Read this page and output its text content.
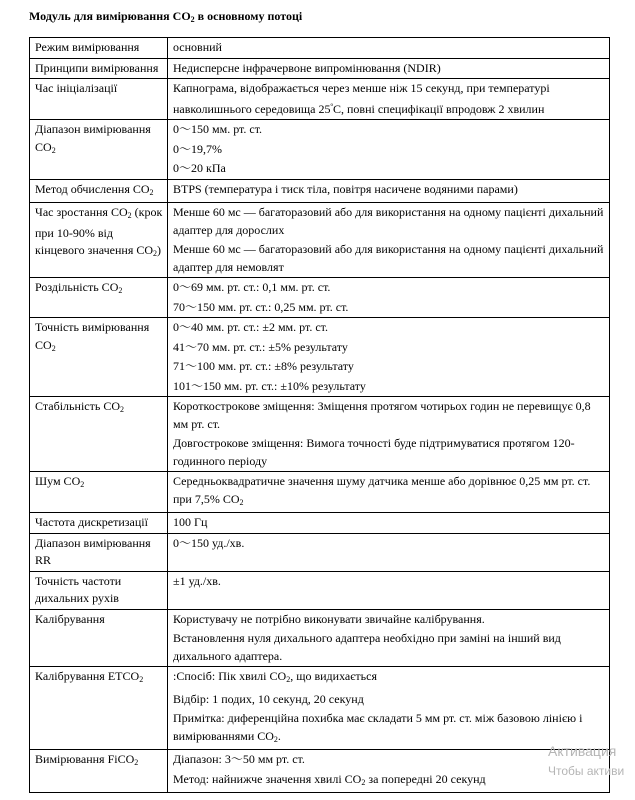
Модуль для вимірювання $CO_2$ в основному потоці
Режим вимірювання	основний

Принципи вимірювання	Недисперсне інфрачервоне випромінювання (NDIR)

Час ініціалізації	Капнограма, відображається через менше ніж 15 секунд, при температурі навколишнього середовища $25^ºC$, повні специфікації впродовж 2 хвилин

Діапазон вимірювання $CO_2$	0～150 мм. рт. ст.
0～19,7%
0～20 кПа

Метод обчислення $CO_2$	BTPS (температура і тиск тіла, повітря насичене водяними парами)

Час зростання $CO_2$ (крок при 10-90% від кінцевого значення $CO_2$)	Менше 60 мс — багаторазовий або для використання на одному пацієнті дихальний адаптер для дорослих
Менше 60 мс — багаторазовий або для використання на одному пацієнті дихальний адаптер для немовлят

Роздільність $CO_2$	0～69 мм. рт. ст.: 0,1 мм. рт. ст.
70～150 мм. рт. ст.: 0,25 мм. рт. ст.

Точність вимірювання $CO_2$	0～40 мм. рт. ст.: ±2 мм. рт. ст.
41～70 мм. рт. ст.: ±5% результату
71～100 мм. рт. ст.: ±8% результату
101～150 мм. рт. ст.: ±10% результату

Стабільність $CO_2$	Короткострокове зміщення: Зміщення протягом чотирьох годин не перевищує 0,8 мм рт. ст.
Довгострокове зміщення: Вимога точності буде підтримуватися протягом 120-годинного періоду

Шум $CO_2$	Середньоквадратичне значення шуму датчика менше або дорівнює 0,25 мм рт. ст. при 7,5% $CO_2$

Частота дискретизації	100 Гц

Діапазон вимірювання RR	0～150 уд./хв.

Точність частоти дихальних рухів	±1 уд./хв.

Калібрування	Користувачу не потрібно виконувати звичайне калібрування.
Встановлення нуля дихального адаптера необхідно при заміні на інший вид дихального адаптера.

Калібрування $ETCO_2$	:Спосіб: Пік хвилі $CO_2$, що видихається
Відбір: 1 подих, 10 секунд, 20 секунд
Примітка: диференційна похибка має складати 5 мм рт. ст. між базовою лінією і вимірюваннями $CO_2$.

Вимірювання FiCO$_2$	Діапазон: 3～50 мм рт. ст.
Метод: найнижче значення хвилі $CO_2$ за попередні 20 секунд
Активация
Чтобы активи
